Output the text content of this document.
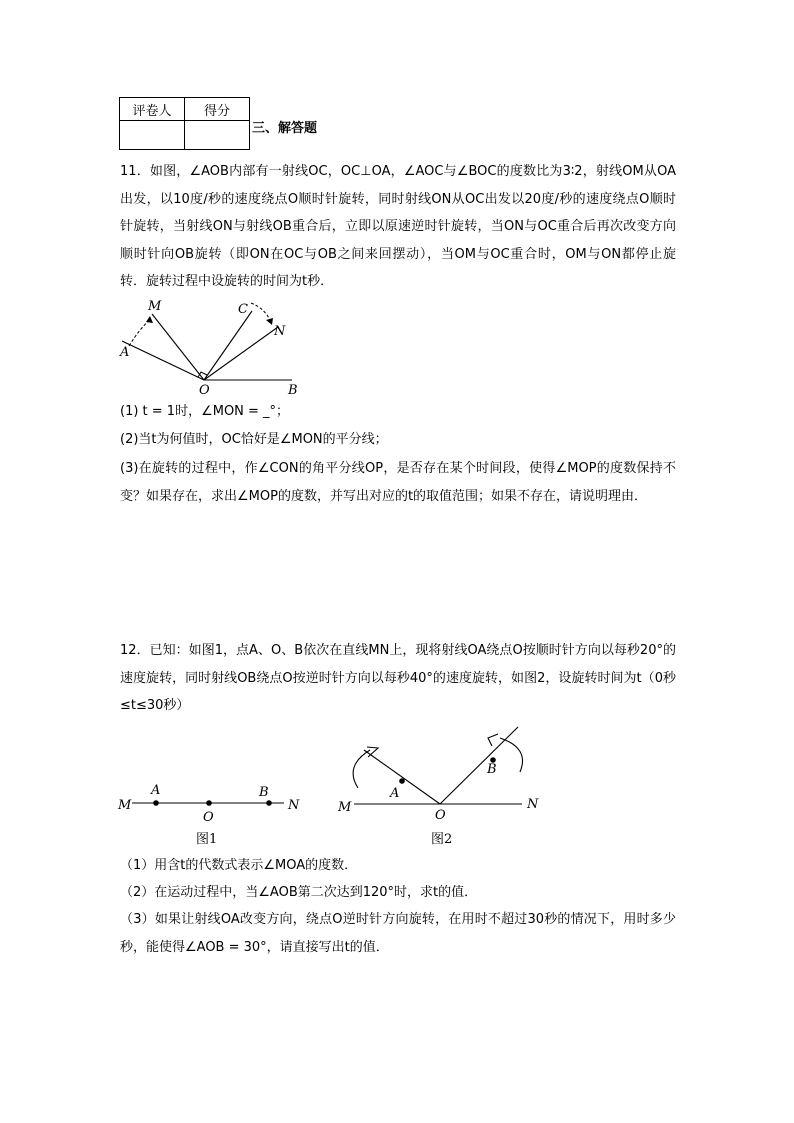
评卷人	得分

三、解答题
11．如图，∠AOB内部有一射线OC，OC⊥OA，∠AOC与∠BOC的度数比为3∶2，射线OM从OA出发，以10度/秒的速度绕点O顺时针旋转，同时射线ON从OC出发以20度/秒的速度绕点O顺时针旋转，当射线ON与射线OB重合后，立即以原速逆时针旋转，当ON与OC重合后再次改变方向顺时针向OB旋转（即ON在OC与OB之间来回摆动），当OM与OC重合时，OM与ON都停止旋转．旋转过程中设旋转的时间为t秒．
M	C
N
A
O	B
(1) t = 1时，∠MON = _°；
(2)当t为何值时，OC恰好是∠MON的平分线；
(3)在旋转的过程中，作∠CON的角平分线OP，是否存在某个时间段，使得∠MOP的度数保持不变？如果存在，求出∠MOP的度数，并写出对应的t的取值范围；如果不存在，请说明理由．
12．已知：如图1，点A、O、B依次在直线MN上，现将射线OA绕点O按顺时针方向以每秒20°的速度旋转，同时射线OB绕点O按逆时针方向以每秒40°的速度旋转，如图2，设旋转时间为t（0秒≤t≤30秒）
M
A
O
B
N
图1
M
A
O
B
N
图2
（1）用含t的代数式表示∠MOA的度数．
（2）在运动过程中，当∠AOB第二次达到120°时，求t的值．
（3）如果让射线OA改变方向，绕点O逆时针方向旋转，在用时不超过30秒的情况下，用时多少秒，能使得∠AOB = 30°，请直接写出t的值．
